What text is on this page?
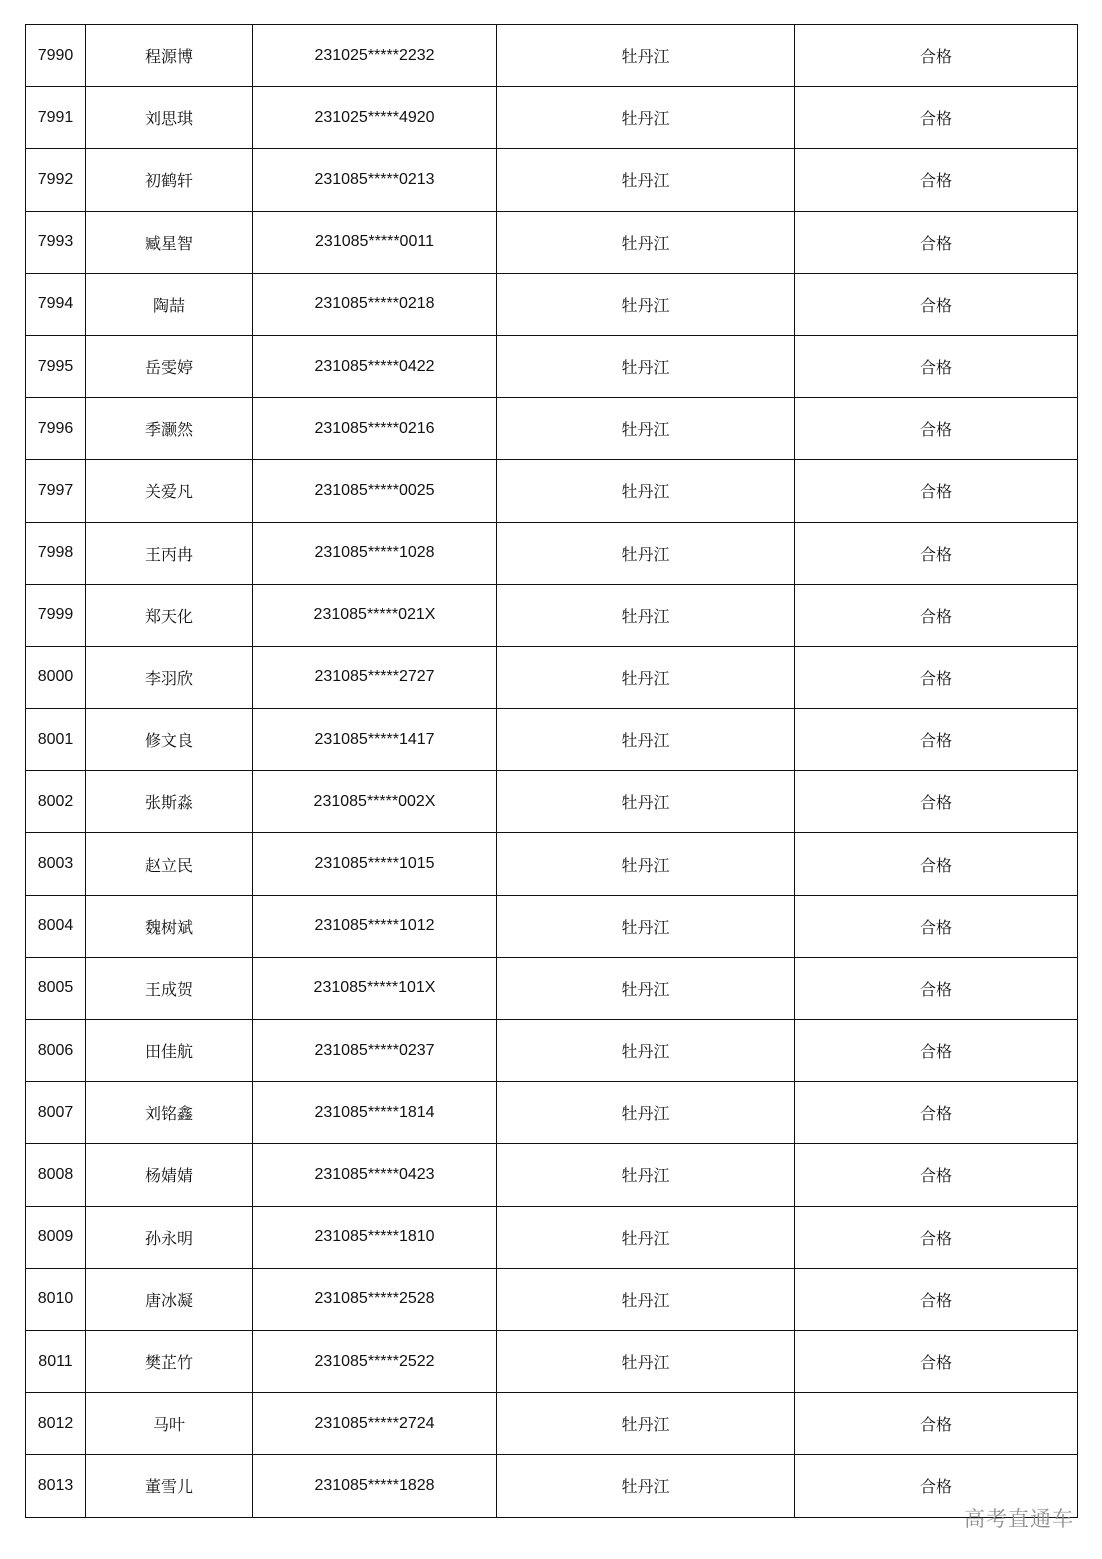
7990	程源博	231025*****2232	牡丹江	合格
7991	刘思琪	231025*****4920	牡丹江	合格
7992	初鹤轩	231085*****0213	牡丹江	合格
7993	臧星智	231085*****0011	牡丹江	合格
7994	陶喆	231085*****0218	牡丹江	合格
7995	岳雯婷	231085*****0422	牡丹江	合格
7996	季灏然	231085*****0216	牡丹江	合格
7997	关爱凡	231085*****0025	牡丹江	合格
7998	王丙冉	231085*****1028	牡丹江	合格
7999	郑天化	231085*****021X	牡丹江	合格
8000	李羽欣	231085*****2727	牡丹江	合格
8001	修文良	231085*****1417	牡丹江	合格
8002	张斯淼	231085*****002X	牡丹江	合格
8003	赵立民	231085*****1015	牡丹江	合格
8004	魏树斌	231085*****1012	牡丹江	合格
8005	王成贺	231085*****101X	牡丹江	合格
8006	田佳航	231085*****0237	牡丹江	合格
8007	刘铭鑫	231085*****1814	牡丹江	合格
8008	杨婧婧	231085*****0423	牡丹江	合格
8009	孙永明	231085*****1810	牡丹江	合格
8010	唐冰凝	231085*****2528	牡丹江	合格
8011	樊芷竹	231085*****2522	牡丹江	合格
8012	马叶	231085*****2724	牡丹江	合格
8013	董雪儿	231085*****1828	牡丹江	合格
高考直通车
